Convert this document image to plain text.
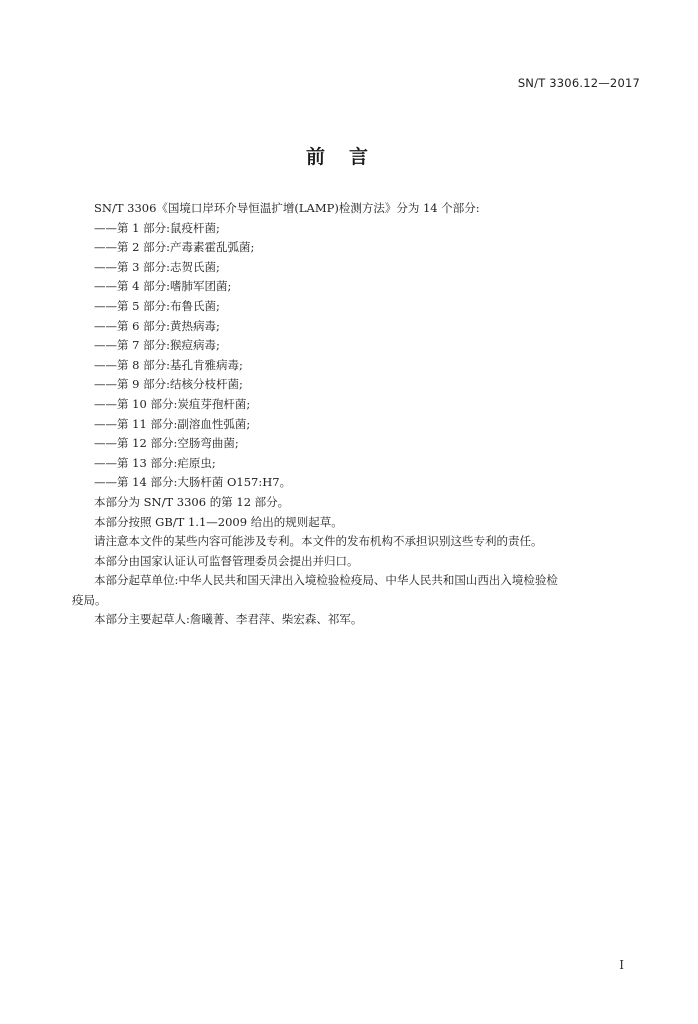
SN/T 3306.12—2017
前言

SN/T 3306《国境口岸环介导恒温扩增(LAMP)检测方法》分为 14 个部分:

——第 1 部分:鼠疫杆菌;
——第 2 部分:产毒素霍乱弧菌;
——第 3 部分:志贺氏菌;
——第 4 部分:嗜肺军团菌;
——第 5 部分:布鲁氏菌;
——第 6 部分:黄热病毒;
——第 7 部分:猴痘病毒;
——第 8 部分:基孔肯雅病毒;
——第 9 部分:结核分枝杆菌;
——第 10 部分:炭疽芽孢杆菌;
——第 11 部分:副溶血性弧菌;
——第 12 部分:空肠弯曲菌;
——第 13 部分:疟原虫;
——第 14 部分:大肠杆菌 O157:H7。

本部分为 SN/T 3306 的第 12 部分。

本部分按照 GB/T 1.1—2009 给出的规则起草。

请注意本文件的某些内容可能涉及专利。本文件的发布机构不承担识别这些专利的责任。

本部分由国家认证认可监督管理委员会提出并归口。

本部分起草单位:中华人民共和国天津出入境检验检疫局、中华人民共和国山西出入境检验检

疫局。

本部分主要起草人:詹曦菁、李君萍、柴宏森、祁军。

I
